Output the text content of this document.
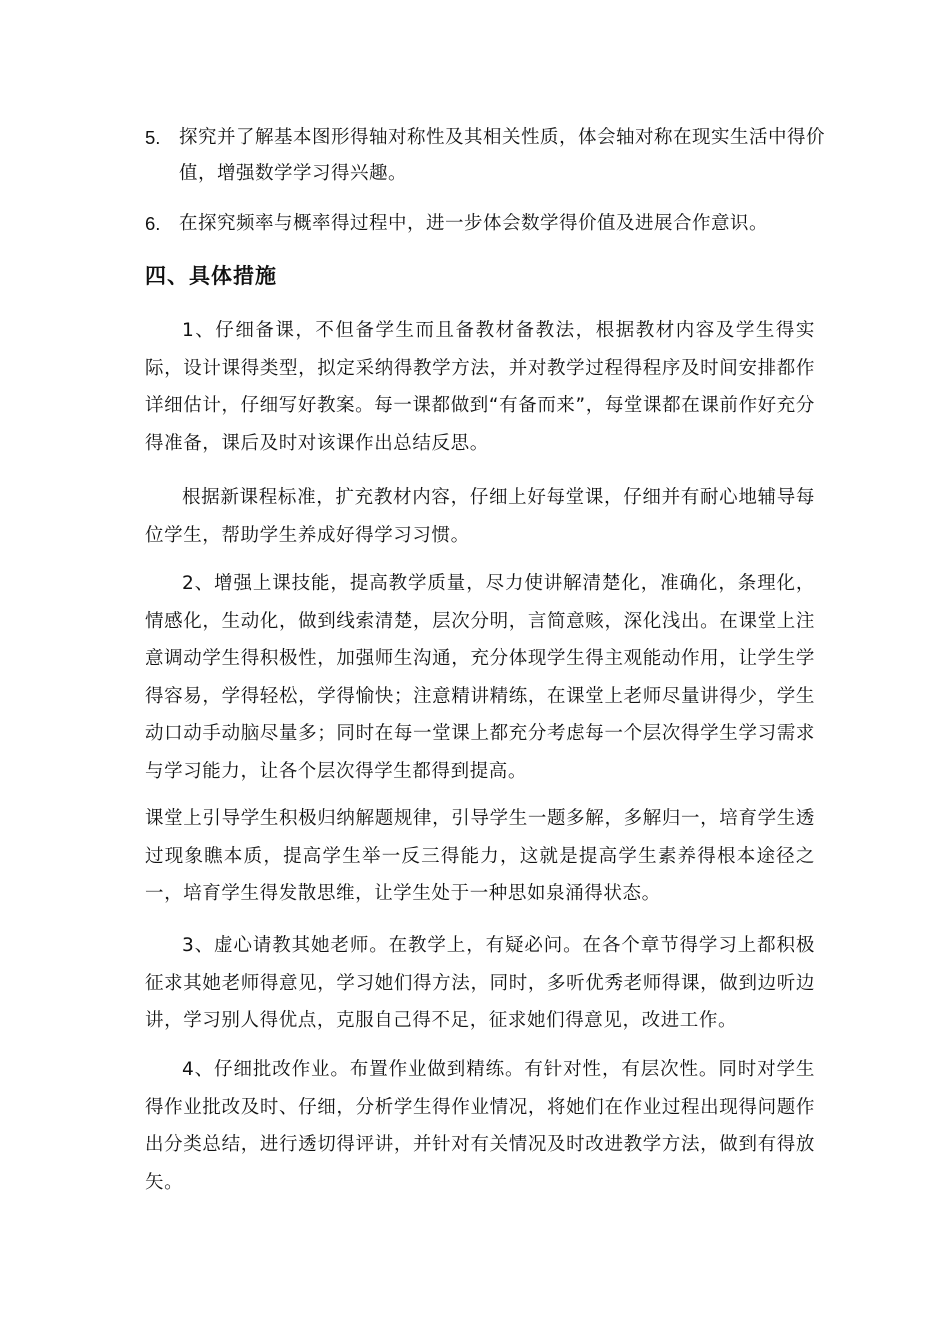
5.	探究并了解基本图形得轴对称性及其相关性质，体会轴对称在现实生活中得价值，增强数学学习得兴趣。
6.	在探究频率与概率得过程中，进一步体会数学得价值及进展合作意识。
四、具体措施

1、仔细备课，不但备学生而且备教材备教法，根据教材内容及学生得实际，设计课得类型，拟定采纳得教学方法，并对教学过程得程序及时间安排都作详细估计，仔细写好教案。每一课都做到“有备而来”，每堂课都在课前作好充分得准备，课后及时对该课作出总结反思。

根据新课程标准，扩充教材内容，仔细上好每堂课，仔细并有耐心地辅导每位学生，帮助学生养成好得学习习惯。

2、增强上课技能，提高教学质量，尽力使讲解清楚化，准确化，条理化，情感化，生动化，做到线索清楚，层次分明，言简意赅，深化浅出。在课堂上注意调动学生得积极性，加强师生沟通，充分体现学生得主观能动作用，让学生学得容易，学得轻松，学得愉快；注意精讲精练，在课堂上老师尽量讲得少，学生动口动手动脑尽量多；同时在每一堂课上都充分考虑每一个层次得学生学习需求与学习能力，让各个层次得学生都得到提高。

课堂上引导学生积极归纳解题规律，引导学生一题多解，多解归一，培育学生透过现象瞧本质，提高学生举一反三得能力，这就是提高学生素养得根本途径之一，培育学生得发散思维，让学生处于一种思如泉涌得状态。

3、虚心请教其她老师。在教学上，有疑必问。在各个章节得学习上都积极征求其她老师得意见，学习她们得方法，同时，多听优秀老师得课，做到边听边讲，学习别人得优点，克服自己得不足，征求她们得意见，改进工作。

4、仔细批改作业。布置作业做到精练。有针对性，有层次性。同时对学生得作业批改及时、仔细，分析学生得作业情况，将她们在作业过程出现得问题作出分类总结，进行透切得评讲，并针对有关情况及时改进教学方法，做到有得放矢。
